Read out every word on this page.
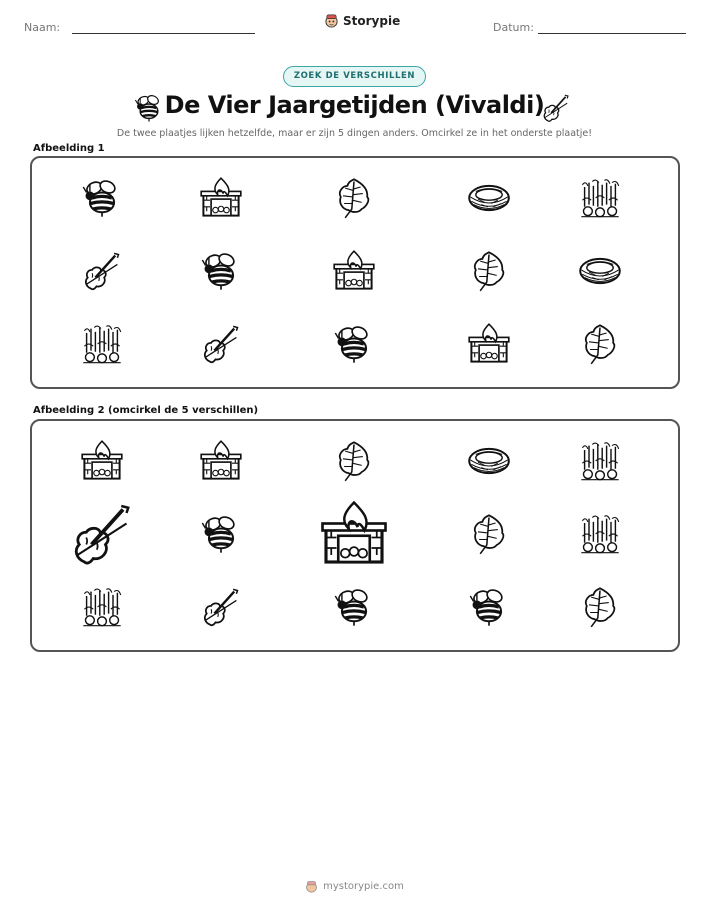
Naam:	Storypie	Datum:
ZOEK DE VERSCHILLEN
De Vier Jaargetijden (Vivaldi)
De twee plaatjes lijken hetzelfde, maar er zijn 5 dingen anders. Omcirkel ze in het onderste plaatje!
Afbeelding 1
Afbeelding 2 (omcirkel de 5 verschillen)
mystorypie.com
